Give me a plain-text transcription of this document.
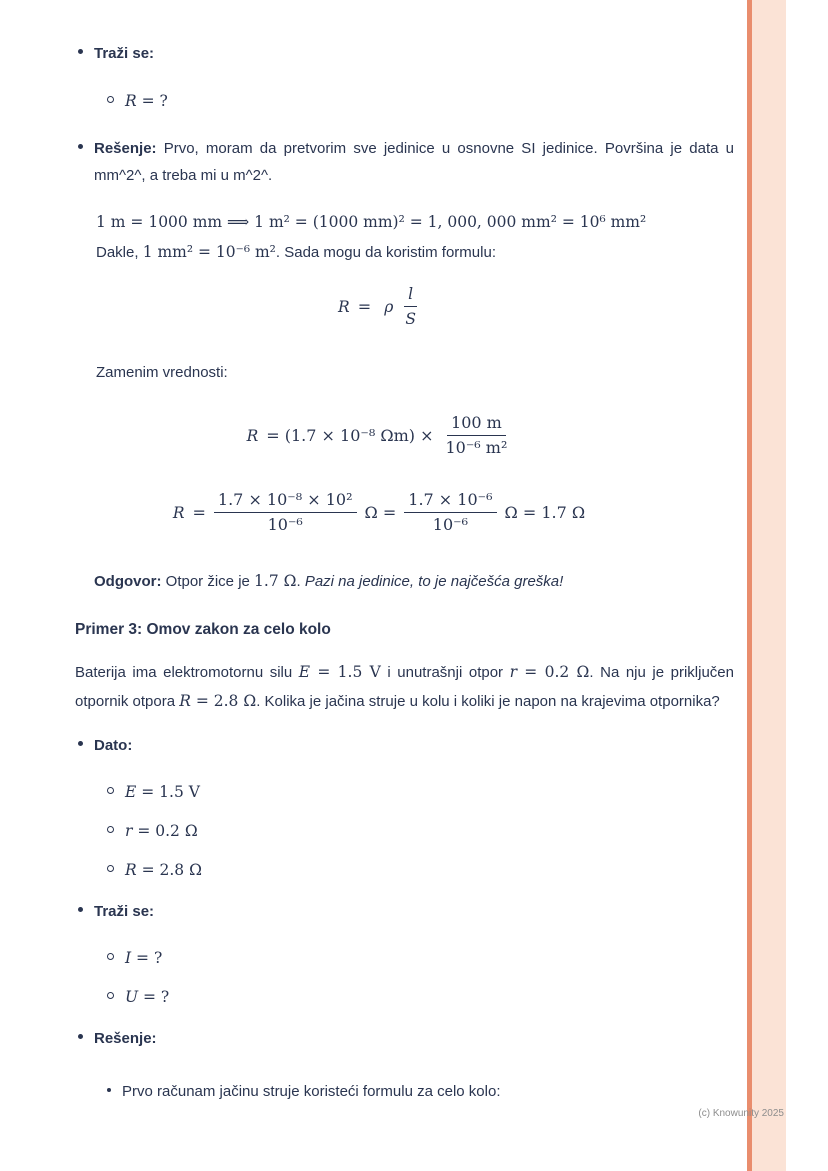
Traži se:

R = ?

Rešenje: Prvo, moram da pretvorim sve jedinice u osnovne SI jedinice. Površina je data u mm^2^, a treba mi u m^2^.

1 m = 1000 mm ⟹ 1 m² = (1000 mm)² = 1, 000, 000 mm² = 10⁶ mm²
Dakle, 1 mm² = 10⁻⁶ m². Sada mogu da koristim formulu:
R = ρ $\frac{l}{S}$
Zamenim vrednosti:
R = (1.7 × 10⁻⁸ $\Omega m) \times \frac{100 m}{\text{10⁻⁶ m²}}$
$R = \frac{\text{1.7 × 10⁻⁸ × 10²}}{\text{10⁻⁶}}$ $\Omega = \frac{\text{1.7 × 10⁻⁶}}{\text{10⁻⁶}}$ Ω = 1.7 Ω
Odgovor: Otpor žice je 1.7 Ω. Pazi na jedinice, to je najčešća greška!
Primer 3: Omov zakon za celo kolo

Baterija ima elektromotornu silu E = 1.5 V i unutrašnji otpor r = 0.2 Ω. Na nju je priključen otpornik otpora R = 2.8 Ω. Kolika je jačina struje u kolu i koliki je napon na krajevima otpornika?

Dato:

E = 1.5 V

r = 0.2 Ω

R = 2.8 Ω

Traži se:

I = ?

U = ?

Rešenje:

Prvo računam jačinu struje koristeći formulu za celo kolo:

(c) Knowunity 2025
